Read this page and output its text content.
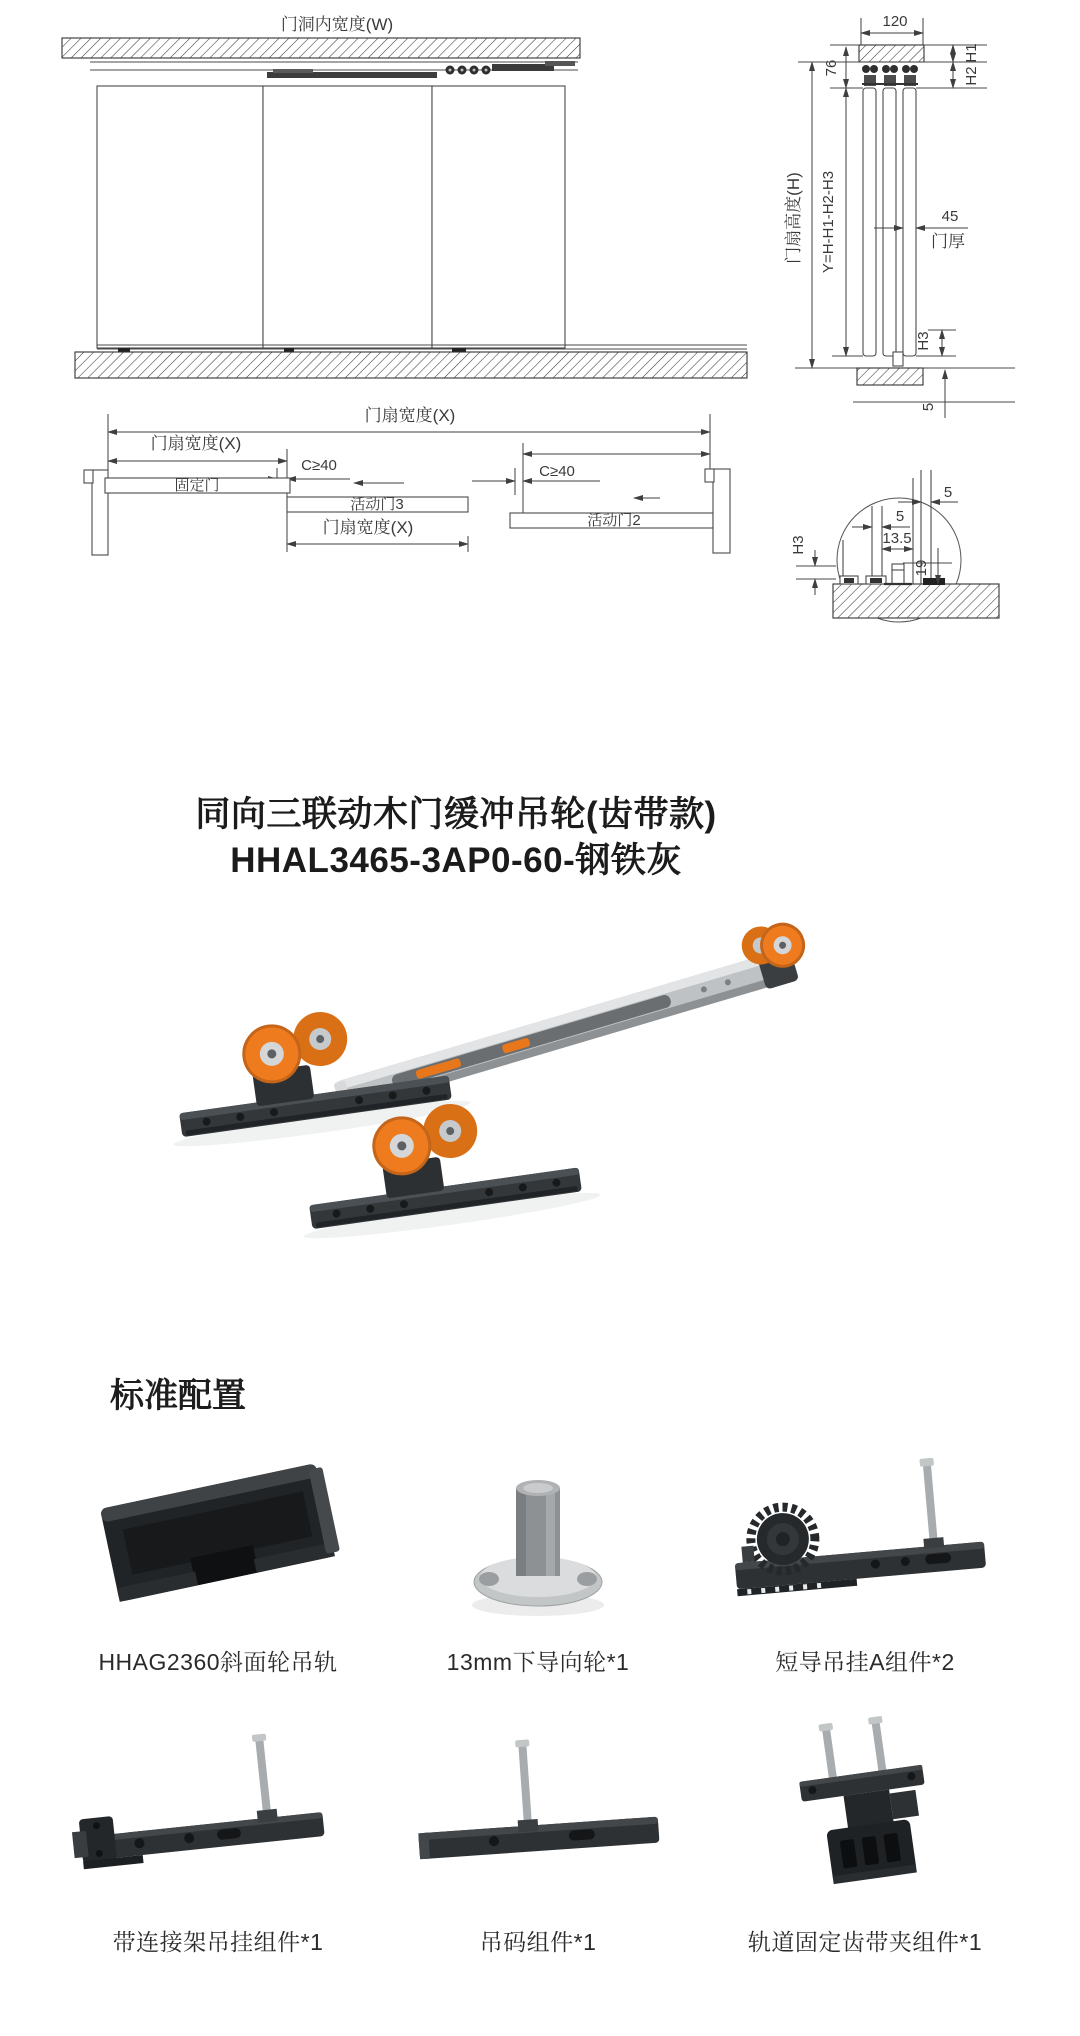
门洞内宽度(W)	120
76
H1
H2
门扇高度(H) Y=H-H1-H2-H3	45
门厚
H3
5
门扇宽度(X)
门扇宽度(X)
C≥40
固定门
活动门3
门扇宽度(X)
C≥40
活动门2
5
5
13.5
19
H3
同向三联动木门缓冲吊轮(齿带款)
HHAL3465-3AP0-60-钢铁灰
标准配置
HHAG2360斜面轮吊轨	13mm下导向轮*1	短导吊挂A组件*2
带连接架吊挂组件*1	吊码组件*1	轨道固定齿带夹组件*1
